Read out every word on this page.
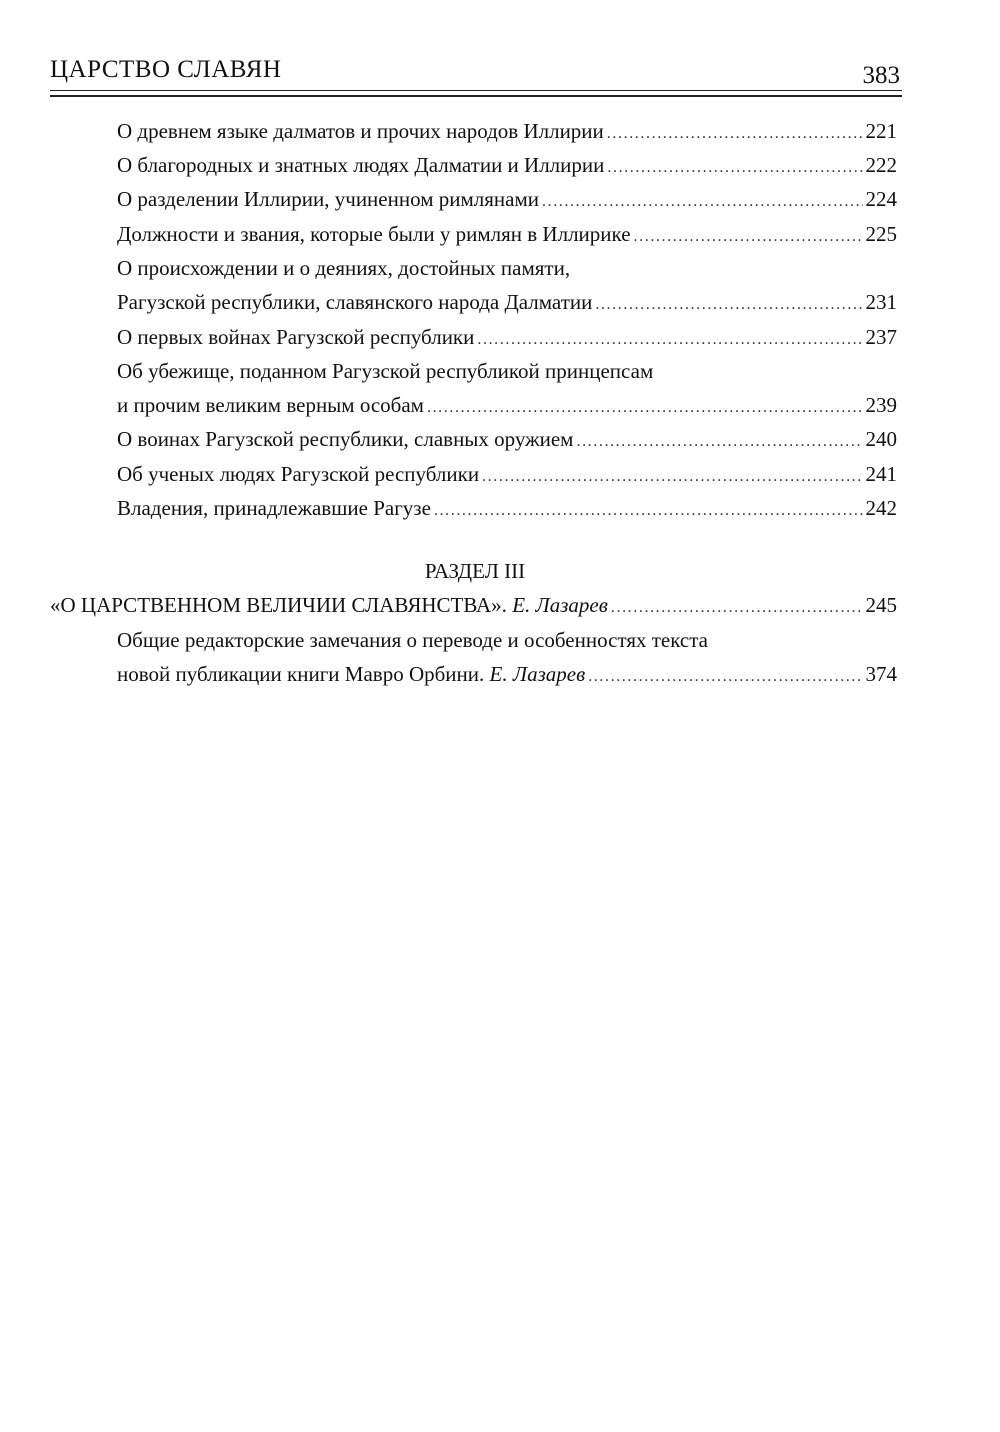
ЦАРСТВО СЛАВЯН	383
О древнем языке далматов и прочих народов Иллирии .....	221
О благородных и знатных людях Далматии и Иллирии .....	222
О разделении Иллирии, учиненном римлянами .....	224
Должности и звания, которые были у римлян в Иллирике .....	225
О происхождении и о деяниях, достойных памяти,
Рагузской республики, славянского народа Далматии .....	231
О первых войнах Рагузской республики .....	237
Об убежище, поданном Рагузской республикой принцепсам
и прочим великим верным особам .....	239
О воинах Рагузской республики, славных оружием .....	240
Об ученых людях Рагузской республики .....	241
Владения, принадлежавшие Рагузе .....	242
РАЗДЕЛ III
«О ЦАРСТВЕННОМ ВЕЛИЧИИ СЛАВЯНСТВА». Е. Лазарев .....	245
Общие редакторские замечания о переводе и особенностях текста
новой публикации книги Мавро Орбини. Е. Лазарев .....	374
